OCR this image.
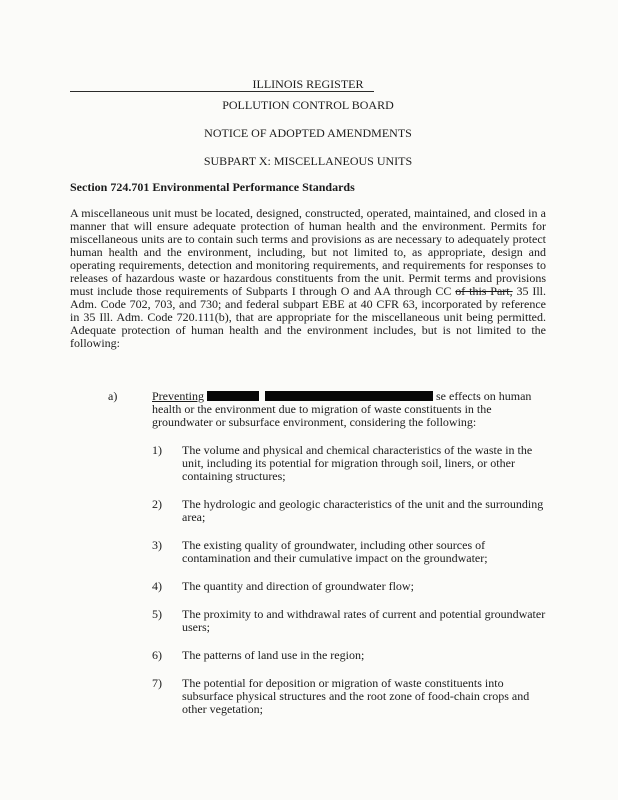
ILLINOIS REGISTER
POLLUTION CONTROL BOARD
NOTICE OF ADOPTED AMENDMENTS
SUBPART X: MISCELLANEOUS UNITS
Section 724.701 Environmental Performance Standards

A miscellaneous unit must be located, designed, constructed, operated, maintained, and closed in a manner that will ensure adequate protection of human health and the environment. Permits for miscellaneous units are to contain such terms and provisions as are necessary to adequately protect human health and the environment, including, but not limited to, as appropriate, design and operating requirements, detection and monitoring requirements, and requirements for responses to releases of hazardous waste or hazardous constituents from the unit. Permit terms and provisions must include those requirements of Subparts I through O and AA through CC of this Part, 35 Ill. Adm. Code 702, 703, and 730; and federal subpart EBE at 40 CFR 63, incorporated by reference in 35 Ill. Adm. Code 720.111(b), that are appropriate for the miscellaneous unit being permitted. Adequate protection of human health and the environment includes, but is not limited to the following:

a)	Preventing	se effects on human health or the environment due to migration of waste constituents in the groundwater or subsurface environment, considering the following:
1)	The volume and physical and chemical characteristics of the waste in the unit, including its potential for migration through soil, liners, or other containing structures;
2)	The hydrologic and geologic characteristics of the unit and the surrounding area;
3)	The existing quality of groundwater, including other sources of contamination and their cumulative impact on the groundwater;
4)	The quantity and direction of groundwater flow;
5)	The proximity to and withdrawal rates of current and potential groundwater users;
6)	The patterns of land use in the region;
7)	The potential for deposition or migration of waste constituents into subsurface physical structures and the root zone of food-chain crops and other vegetation;
